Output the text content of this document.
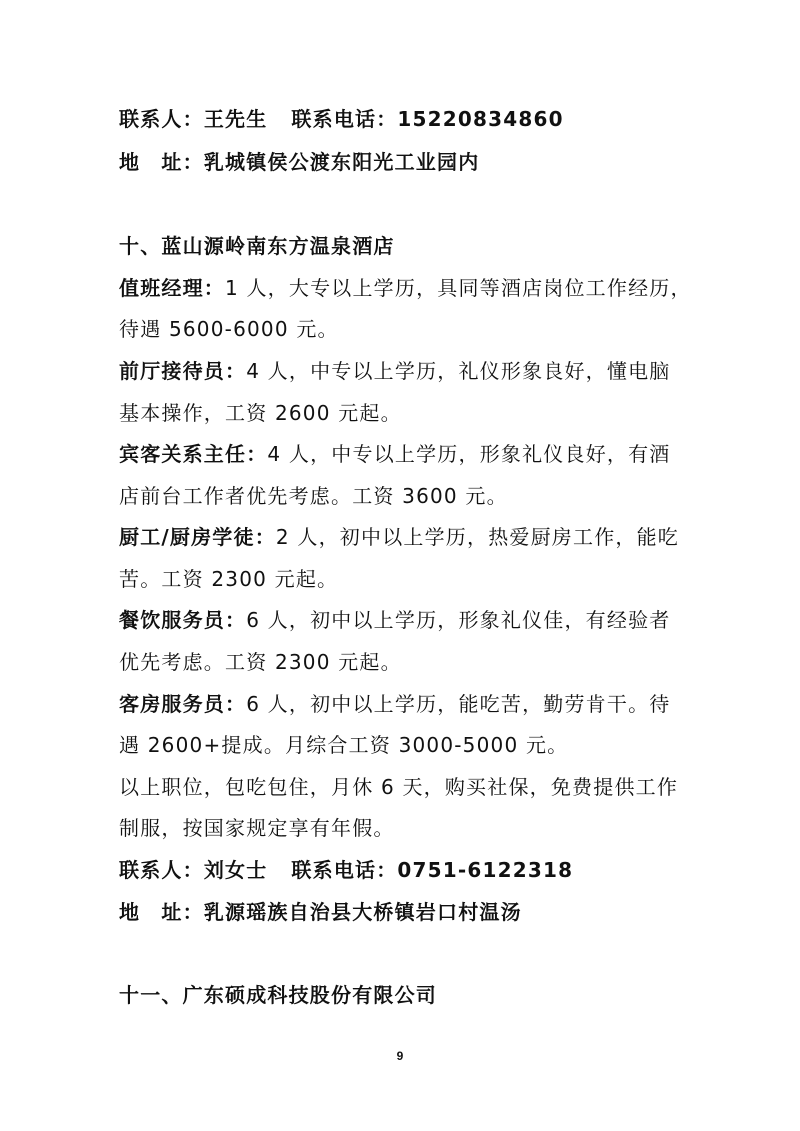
联系人：王先生 联系电话：15220834860
地　址：乳城镇侯公渡东阳光工业园内
十、蓝山源岭南东方温泉酒店
值班经理：1 人，大专以上学历，具同等酒店岗位工作经历，
待遇 5600-6000 元。
前厅接待员：4 人，中专以上学历，礼仪形象良好，懂电脑
基本操作，工资 2600 元起。
宾客关系主任：4 人，中专以上学历，形象礼仪良好，有酒
店前台工作者优先考虑。工资 3600 元。
厨工/厨房学徒：2 人，初中以上学历，热爱厨房工作，能吃
苦。工资 2300 元起。
餐饮服务员：6 人，初中以上学历，形象礼仪佳，有经验者
优先考虑。工资 2300 元起。
客房服务员：6 人，初中以上学历，能吃苦，勤劳肯干。待
遇 2600+提成。月综合工资 3000-5000 元。
以上职位，包吃包住，月休 6 天，购买社保，免费提供工作
制服，按国家规定享有年假。
联系人：刘女士 联系电话：0751-6122318
地　址：乳源瑶族自治县大桥镇岩口村温汤
十一、广东硕成科技股份有限公司
9
